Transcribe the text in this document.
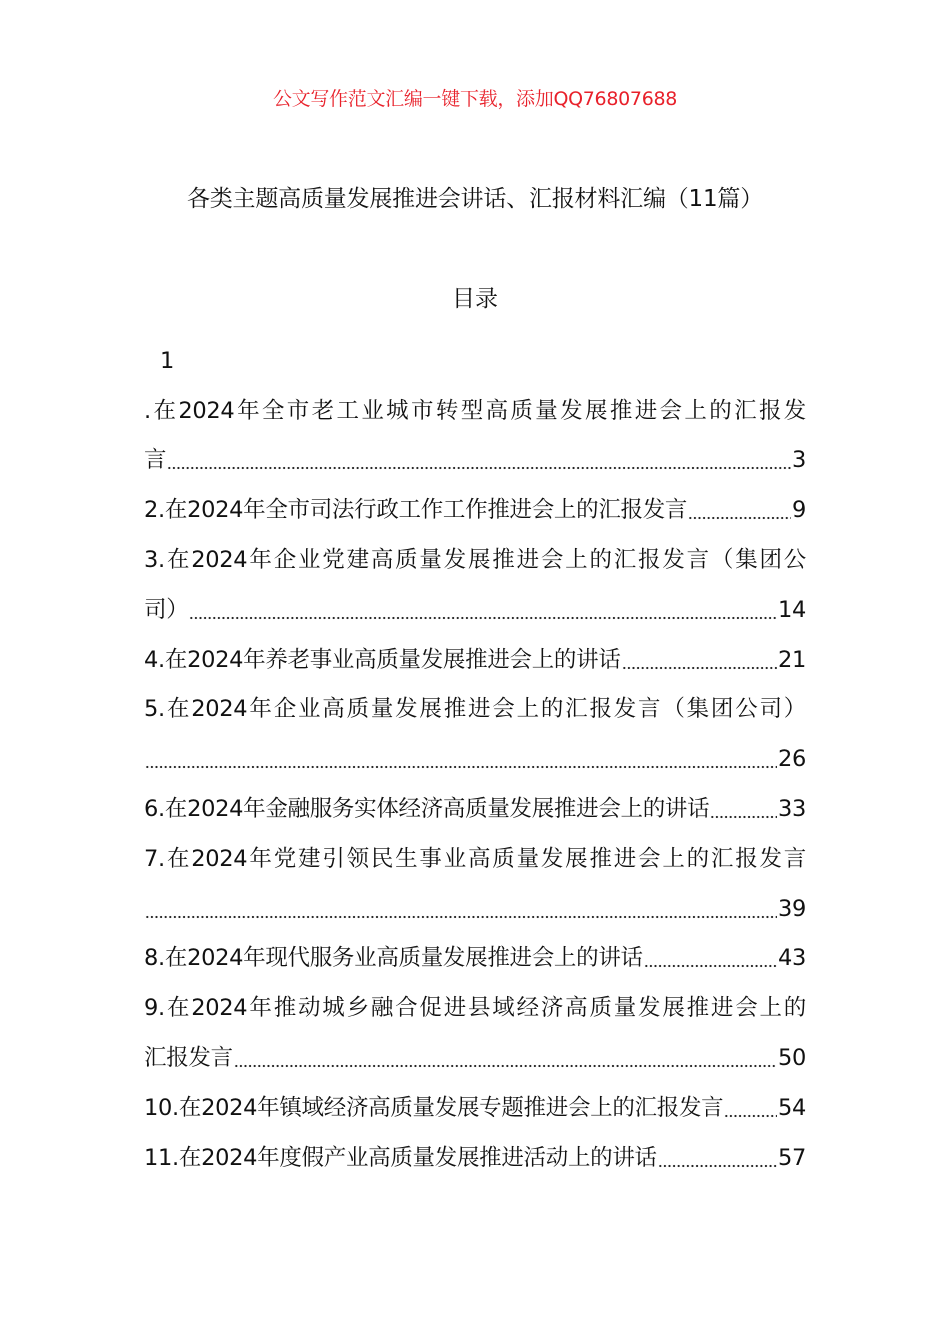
公文写作范文汇编一键下载，添加QQ76807688
各类主题高质量发展推进会讲话、汇报材料汇编（11篇）
目录
1
.在2024年全市老工业城市转型高质量发展推进会上的汇报发
言	3
2.在2024年全市司法行政工作工作推进会上的汇报发言	9
3.在2024年企业党建高质量发展推进会上的汇报发言（集团公
司）	14
4.在2024年养老事业高质量发展推进会上的讲话	21
5.在2024年企业高质量发展推进会上的汇报发言（集团公司）
26
6.在2024年金融服务实体经济高质量发展推进会上的讲话	33
7.在2024年党建引领民生事业高质量发展推进会上的汇报发言
39
8.在2024年现代服务业高质量发展推进会上的讲话	43
9.在2024年推动城乡融合促进县域经济高质量发展推进会上的
汇报发言	50
10.在2024年镇域经济高质量发展专题推进会上的汇报发言 54
11.在2024年度假产业高质量发展推进活动上的讲话	57
